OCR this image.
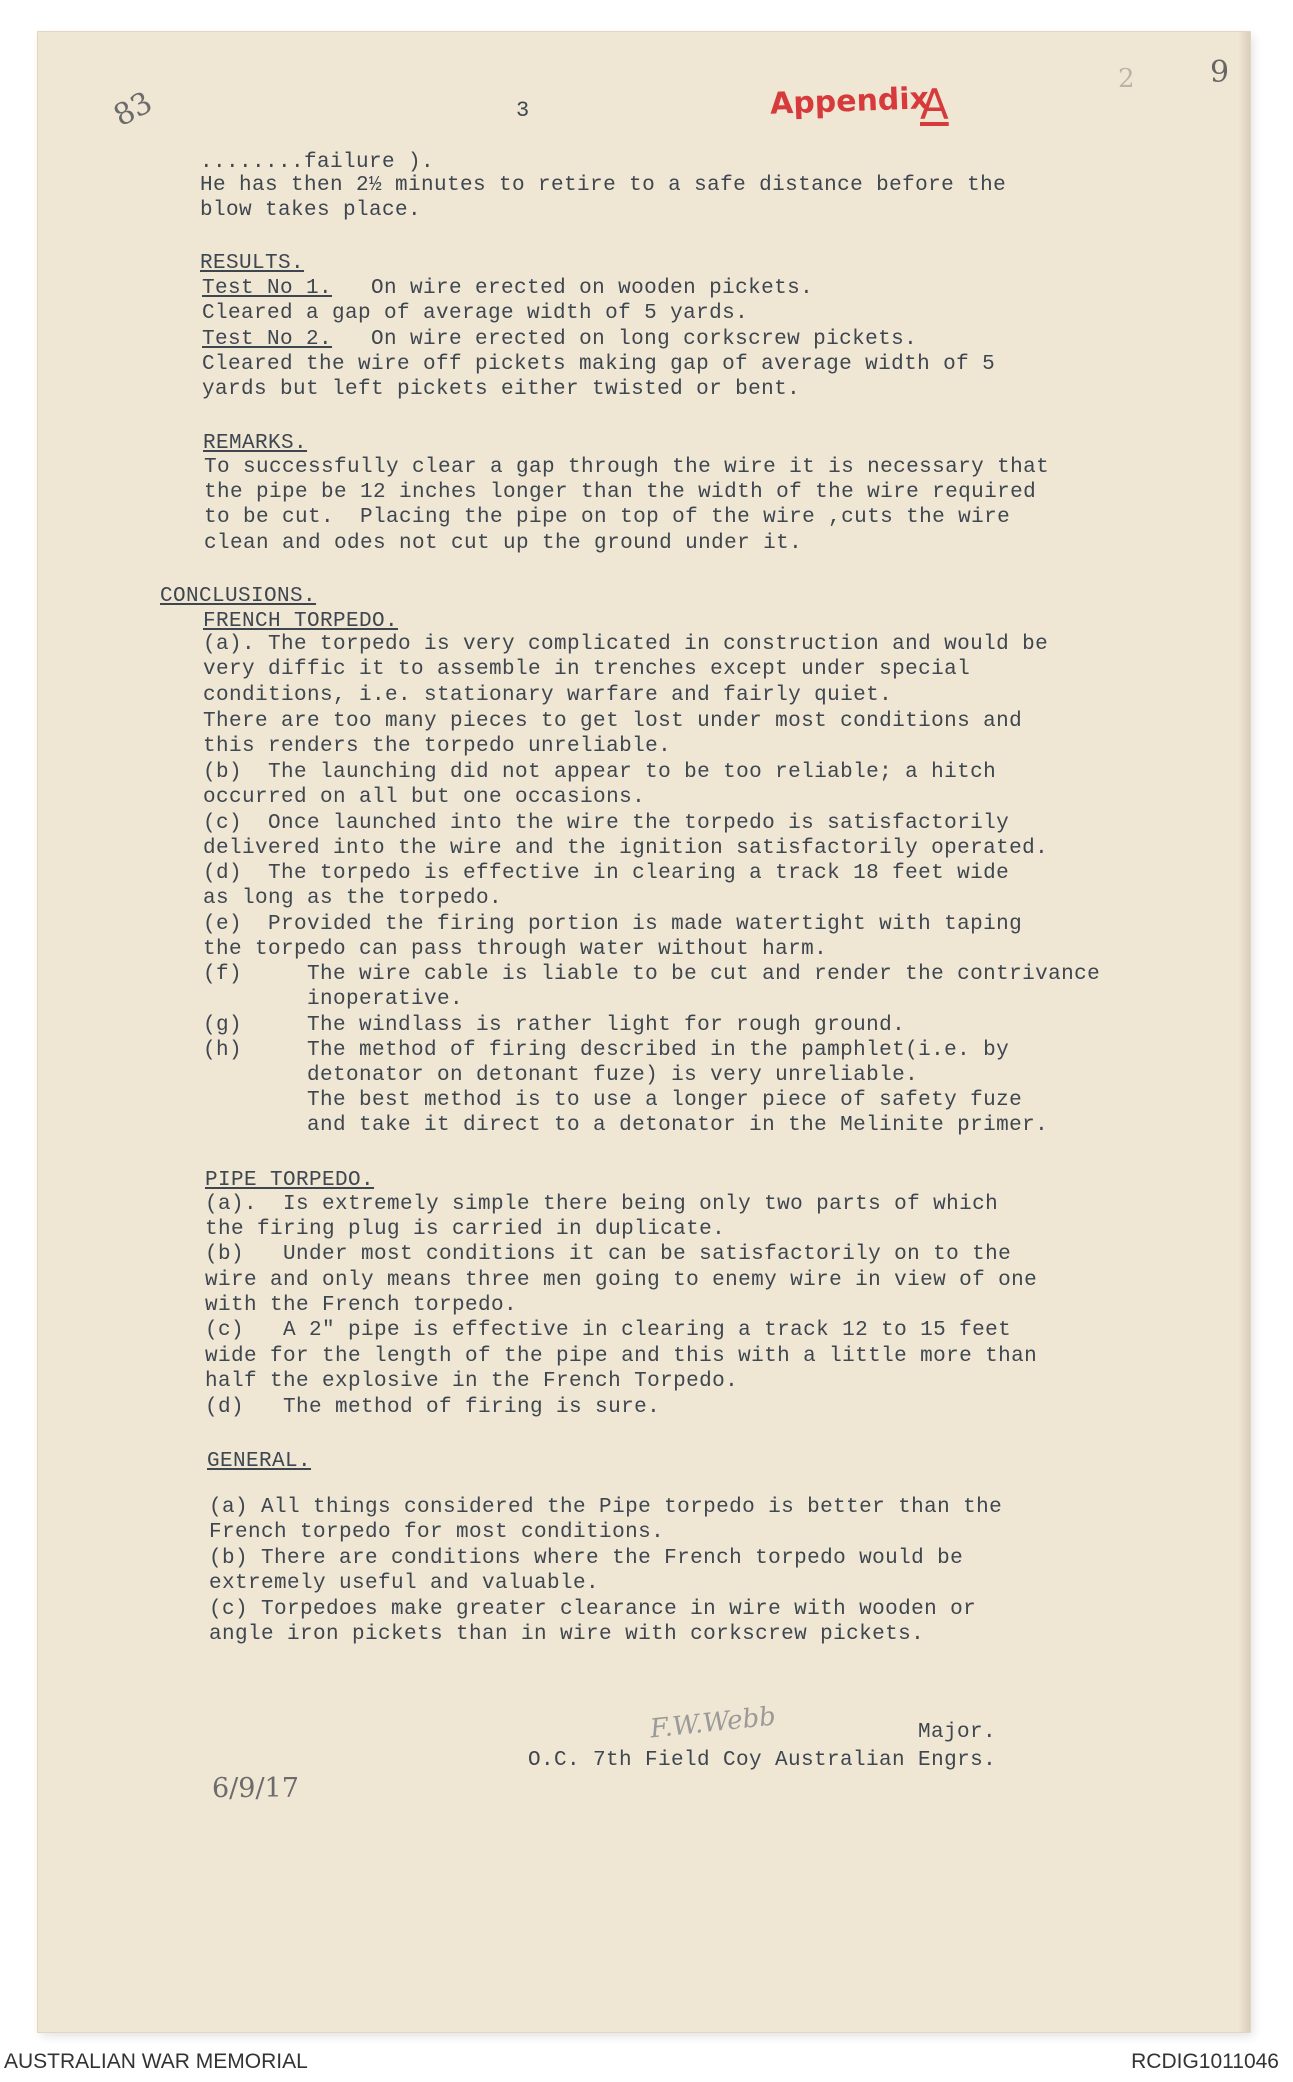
83	3	Appendix
A
2	9
........failure ).
He has then 2½ minutes to retire to a safe distance before the
blow takes place.
RESULTS.
Test No 1.   On wire erected on wooden pickets.
Cleared a gap of average width of 5 yards.
Test No 2.   On wire erected on long corkscrew pickets.
Cleared the wire off pickets making gap of average width of 5
yards but left pickets either twisted or bent.
REMARKS.
To successfully clear a gap through the wire it is necessary that
the pipe be 12 inches longer than the width of the wire required
to be cut.  Placing the pipe on top of the wire ,cuts the wire
clean and odes not cut up the ground under it.
CONCLUSIONS.
FRENCH TORPEDO.
(a). The torpedo is very complicated in construction and would be
very diffic it to assemble in trenches except under special
conditions, i.e. stationary warfare and fairly quiet.
There are too many pieces to get lost under most conditions and
this renders the torpedo unreliable.
(b)  The launching did not appear to be too reliable; a hitch
occurred on all but one occasions.
(c)  Once launched into the wire the torpedo is satisfactorily
delivered into the wire and the ignition satisfactorily operated.
(d)  The torpedo is effective in clearing a track 18 feet wide
as long as the torpedo.
(e)  Provided the firing portion is made watertight with taping
the torpedo can pass through water without harm.
(f)     The wire cable is liable to be cut and render the contrivance
inoperative.
(g)     The windlass is rather light for rough ground.
(h)     The method of firing described in the pamphlet(i.e. by
detonator on detonant fuze) is very unreliable.
The best method is to use a longer piece of safety fuze
and take it direct to a detonator in the Melinite primer.
PIPE TORPEDO.
(a).  Is extremely simple there being only two parts of which
the firing plug is carried in duplicate.
(b)   Under most conditions it can be satisfactorily on to the
wire and only means three men going to enemy wire in view of one
with the French torpedo.
(c)   A 2" pipe is effective in clearing a track 12 to 15 feet
wide for the length of the pipe and this with a little more than
half the explosive in the French Torpedo.
(d)   The method of firing is sure.
GENERAL.
(a) All things considered the Pipe torpedo is better than the
French torpedo for most conditions.
(b) There are conditions where the French torpedo would be
extremely useful and valuable.
(c) Torpedoes make greater clearance in wire with wooden or
angle iron pickets than in wire with corkscrew pickets.
F.W.Webb	Major.
O.C. 7th Field Coy Australian Engrs.
6/9/17
AUSTRALIAN WAR MEMORIAL	RCDIG1011046
